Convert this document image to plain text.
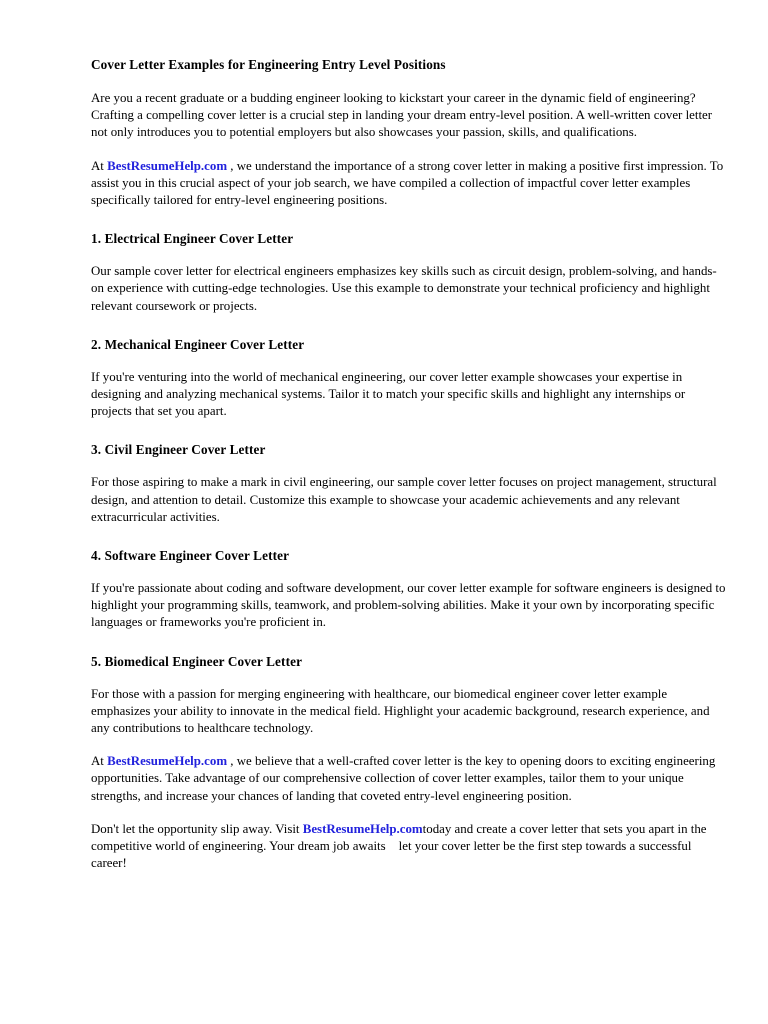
Cover Letter Examples for Engineering Entry Level Positions

Are you a recent graduate or a budding engineer looking to kickstart your career in the dynamic field of engineering? Crafting a compelling cover letter is a crucial step in landing your dream entry-level position. A well-written cover letter not only introduces you to potential employers but also showcases your passion, skills, and qualifications.

At BestResumeHelp.com , we understand the importance of a strong cover letter in making a positive first impression. To assist you in this crucial aspect of your job search, we have compiled a collection of impactful cover letter examples specifically tailored for entry-level engineering positions.

1. Electrical Engineer Cover Letter

Our sample cover letter for electrical engineers emphasizes key skills such as circuit design, problem-solving, and hands-on experience with cutting-edge technologies. Use this example to demonstrate your technical proficiency and highlight relevant coursework or projects.

2. Mechanical Engineer Cover Letter

If you're venturing into the world of mechanical engineering, our cover letter example showcases your expertise in designing and analyzing mechanical systems. Tailor it to match your specific skills and highlight any internships or projects that set you apart.

3. Civil Engineer Cover Letter

For those aspiring to make a mark in civil engineering, our sample cover letter focuses on project management, structural design, and attention to detail. Customize this example to showcase your academic achievements and any relevant extracurricular activities.

4. Software Engineer Cover Letter

If you're passionate about coding and software development, our cover letter example for software engineers is designed to highlight your programming skills, teamwork, and problem-solving abilities. Make it your own by incorporating specific languages or frameworks you're proficient in.

5. Biomedical Engineer Cover Letter

For those with a passion for merging engineering with healthcare, our biomedical engineer cover letter example emphasizes your ability to innovate in the medical field. Highlight your academic background, research experience, and any contributions to healthcare technology.

At BestResumeHelp.com , we believe that a well-crafted cover letter is the key to opening doors to exciting engineering opportunities. Take advantage of our comprehensive collection of cover letter examples, tailor them to your unique strengths, and increase your chances of landing that coveted entry-level engineering position.

Don't let the opportunity slip away. Visit BestResumeHelp.comtoday and create a cover letter that sets you apart in the competitive world of engineering. Your dream job awaits let your cover letter be the first step towards a successful career!
